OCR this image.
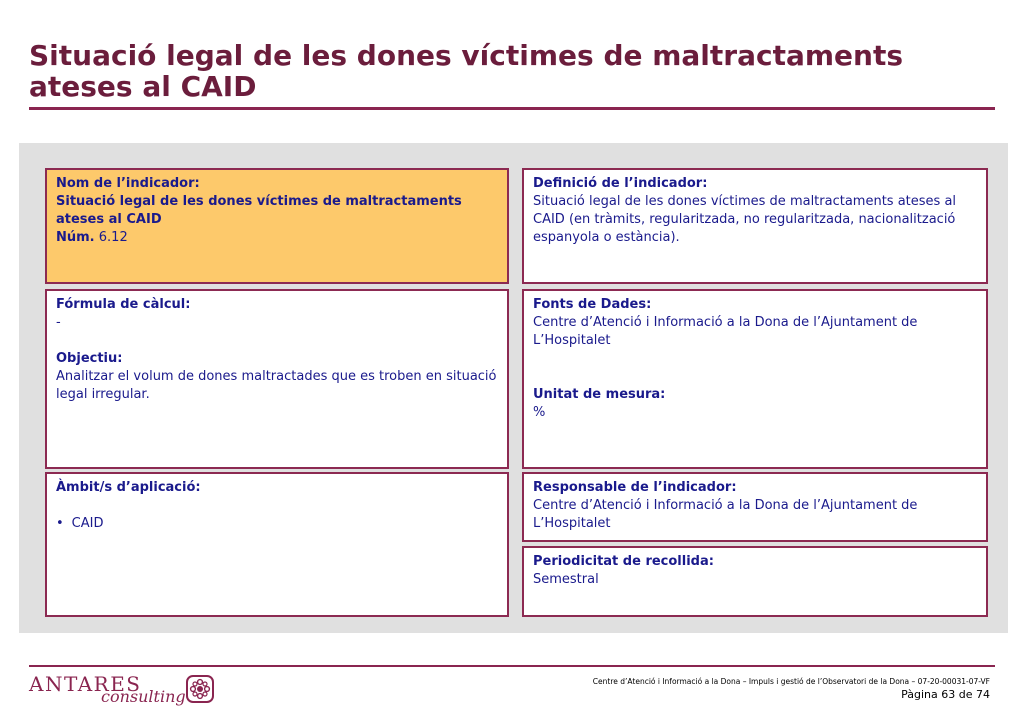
Situació legal de les dones víctimes de maltractaments ateses al CAID
Nom de l’indicador:
Situació legal de les dones víctimes de maltractaments ateses al CAID
Núm. 6.12
Definició de l’indicador:
Situació legal de les dones víctimes de maltractaments ateses al CAID (en tràmits, regularitzada, no regularitzada, nacionalització espanyola o estància).
Fórmula de càlcul:
-
Objectiu:
Analitzar el volum de dones maltractades que es troben en situació legal irregular.
Fonts de Dades:
Centre d’Atenció i Informació a la Dona de l’Ajuntament de L’Hospitalet
Unitat de mesura:
%
Àmbit/s d’aplicació:
• CAID
Responsable de l’indicador:
Centre d’Atenció i Informació a la Dona de l’Ajuntament de L’Hospitalet
Periodicitat de recollida:
Semestral
ANTARES
consulting
Centre d’Atenció i Informació a la Dona – Impuls i gestió de l’Observatori de la Dona – 07-20-00031-07-VF
Pàgina 63 de 74
